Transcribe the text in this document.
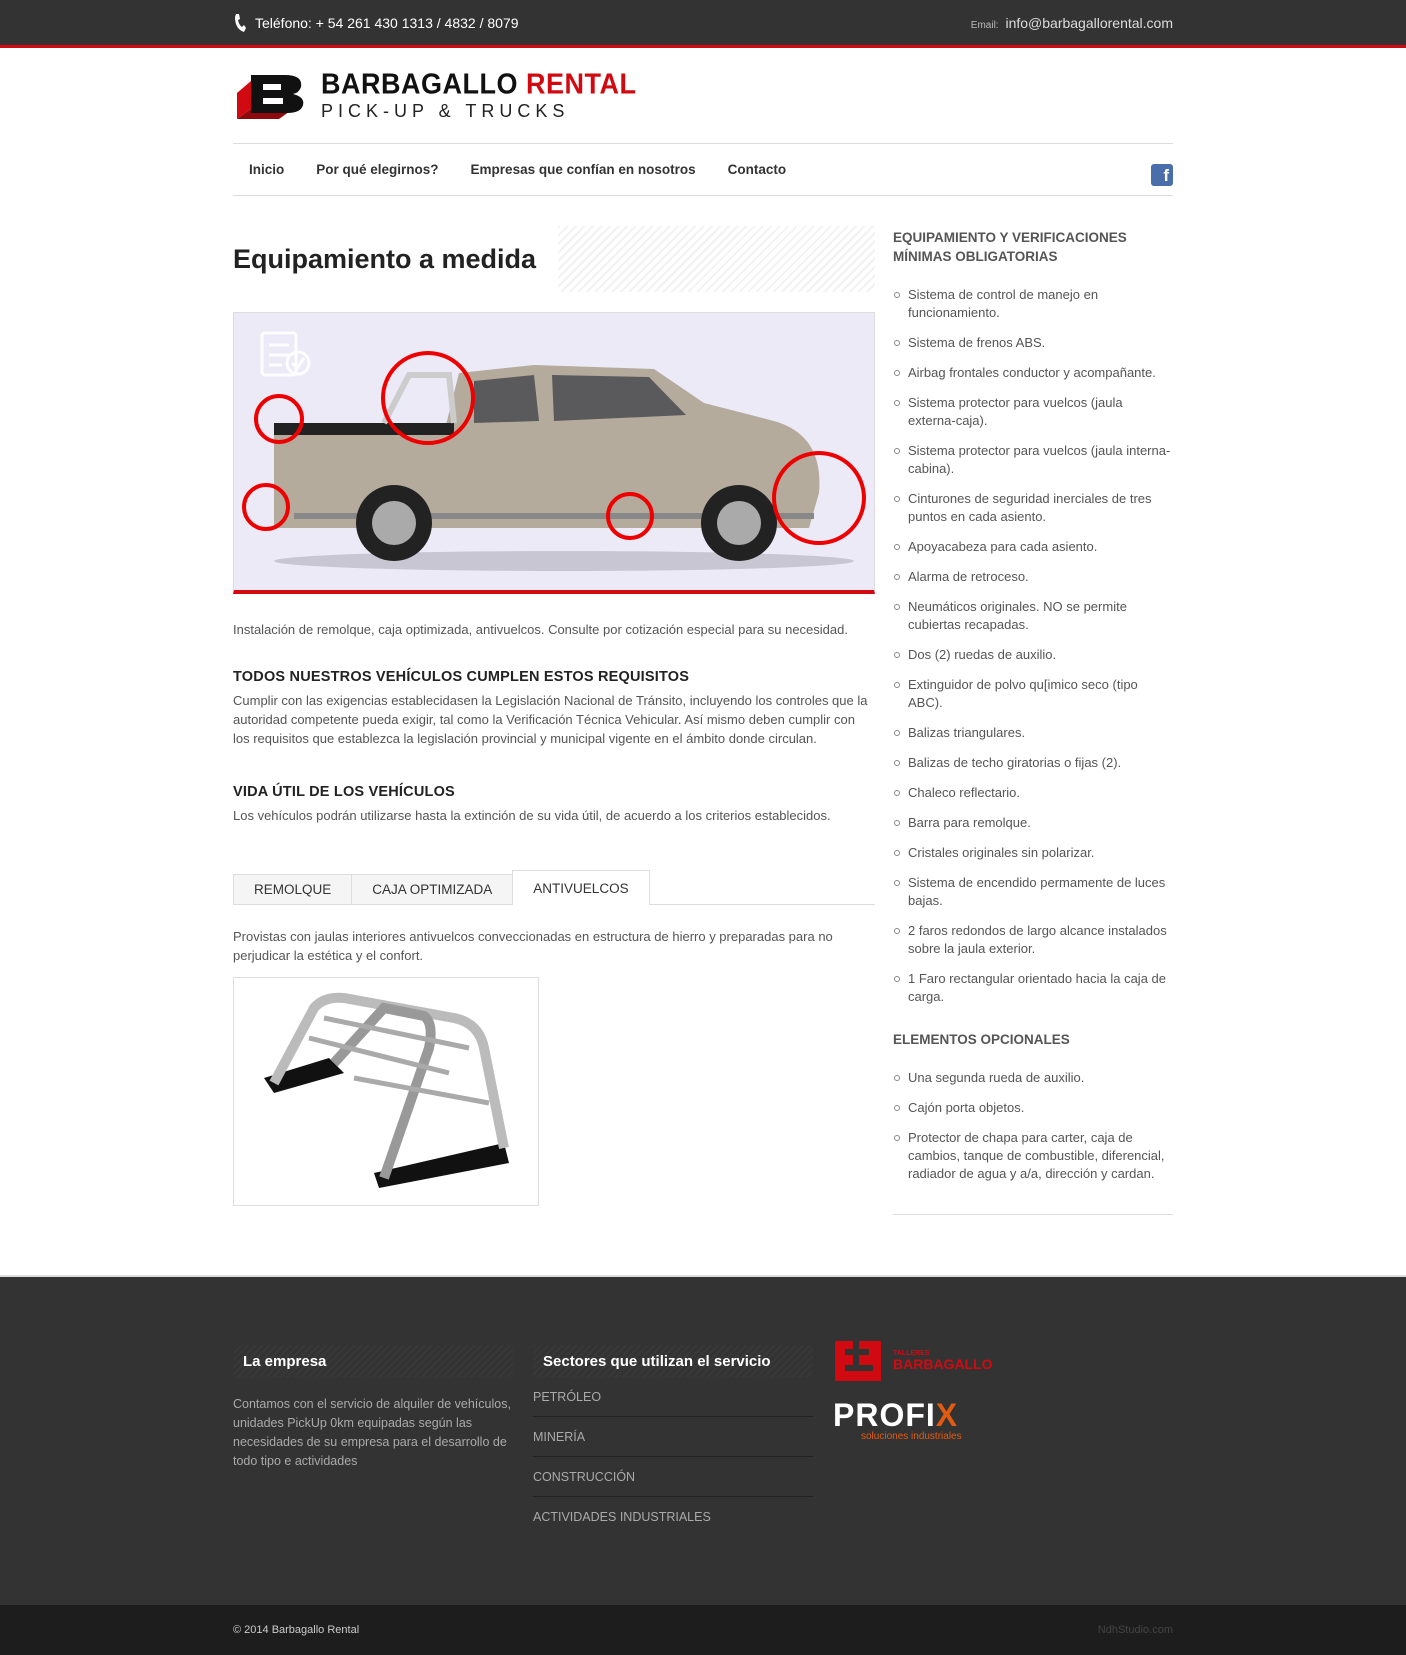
Teléfono: + 54 261 430 1313 / 4832 / 8079	Email: info@barbagallorental.com
BARBAGALLO RENTAL
PICK-UP & TRUCKS
Inicio	Por qué elegirnos?	Empresas que confían en nosotros	Contacto	f
Equipamiento a medida

Instalación de remolque, caja optimizada, antivuelcos. Consulte por cotización especial para su necesidad.

TODOS NUESTROS VEHÍCULOS CUMPLEN ESTOS REQUISITOS

Cumplir con las exigencias establecidasen la Legislación Nacional de Tránsito, incluyendo los controles que la autoridad competente pueda exigir, tal como la Verificación Técnica Vehicular. Así mismo deben cumplir con los requisitos que establezca la legislación provincial y municipal vigente en el ámbito donde circulan.

VIDA ÚTIL DE LOS VEHÍCULOS

Los vehículos podrán utilizarse hasta la extinción de su vida útil, de acuerdo a los criterios establecidos.

REMOLQUE	CAJA OPTIMIZADA	ANTIVUELCOS

Provistas con jaulas interiores antivuelcos conveccionadas en estructura de hierro y preparadas para no perjudicar la estética y el confort.

EQUIPAMIENTO Y VERIFICACIONES MÍNIMAS OBLIGATORIAS
Sistema de control de manejo en funcionamiento.
Sistema de frenos ABS.
Airbag frontales conductor y acompañante.
Sistema protector para vuelcos (jaula externa-caja).
Sistema protector para vuelcos (jaula interna-cabina).
Cinturones de seguridad inerciales de tres puntos en cada asiento.
Apoyacabeza para cada asiento.
Alarma de retroceso.
Neumáticos originales. NO se permite cubiertas recapadas.
Dos (2) ruedas de auxilio.
Extinguidor de polvo qu[imico seco (tipo ABC).
Balizas triangulares.
Balizas de techo giratorias o fijas (2).
Chaleco reflectario.
Barra para remolque.
Cristales originales sin polarizar.
Sistema de encendido permamente de luces bajas.
2 faros redondos de largo alcance instalados sobre la jaula exterior.
1 Faro rectangular orientado hacia la caja de carga.
ELEMENTOS OPCIONALES
Una segunda rueda de auxilio.
Cajón porta objetos.
Protector de chapa para carter, caja de cambios, tanque de combustible, diferencial, radiador de agua y a/a, dirección y cardan.
La empresa

Contamos con el servicio de alquiler de vehículos, unidades PickUp 0km equipadas según las necesidades de su empresa para el desarrollo de todo tipo e actividades

Sectores que utilizan el servicio
PETRÓLEO
MINERÍA
CONSTRUCCIÓN
ACTIVIDADES INDUSTRIALES
TALLERES
BARBAGALLO
PROFIX
soluciones industriales
© 2014 Barbagallo Rental	NdhStudio.com
